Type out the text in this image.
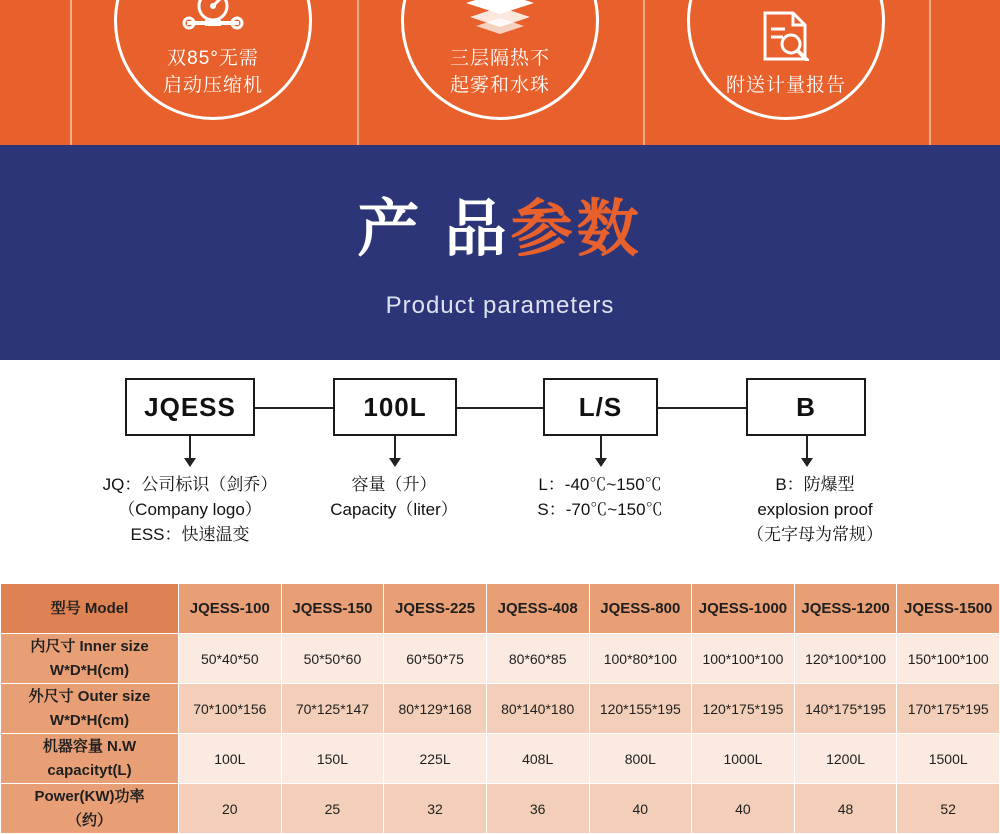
双85°无需
启动压缩机
三层隔热不
起雾和水珠	附送计量报告
产 品参数
Product parameters
JQESS	100L	L/S	B
JQ：公司标识（剑乔）
（Company logo）
ESS：快速温变
容量（升）
Capacity（liter）
L：-40℃~150℃
S：-70℃~150℃
B：防爆型
explosion proof
（无字母为常规）
型号 Model	JQESS-100	JQESS-150	JQESS-225	JQESS-408	JQESS-800	JQESS-1000	JQESS-1200	JQESS-1500

内尺寸 Inner size
W*D*H(cm)	50*40*50	50*50*60	60*50*75	80*60*85	100*80*100	100*100*100	120*100*100	150*100*100

外尺寸 Outer size
W*D*H(cm)	70*100*156	70*125*147	80*129*168	80*140*180	120*155*195	120*175*195	140*175*195	170*175*195

机器容量 N.W
capacityt(L)	100L	150L	225L	408L	800L	1000L	1200L	1500L

Power(KW)功率
（约）	20	25	32	36	40	40	48	52
